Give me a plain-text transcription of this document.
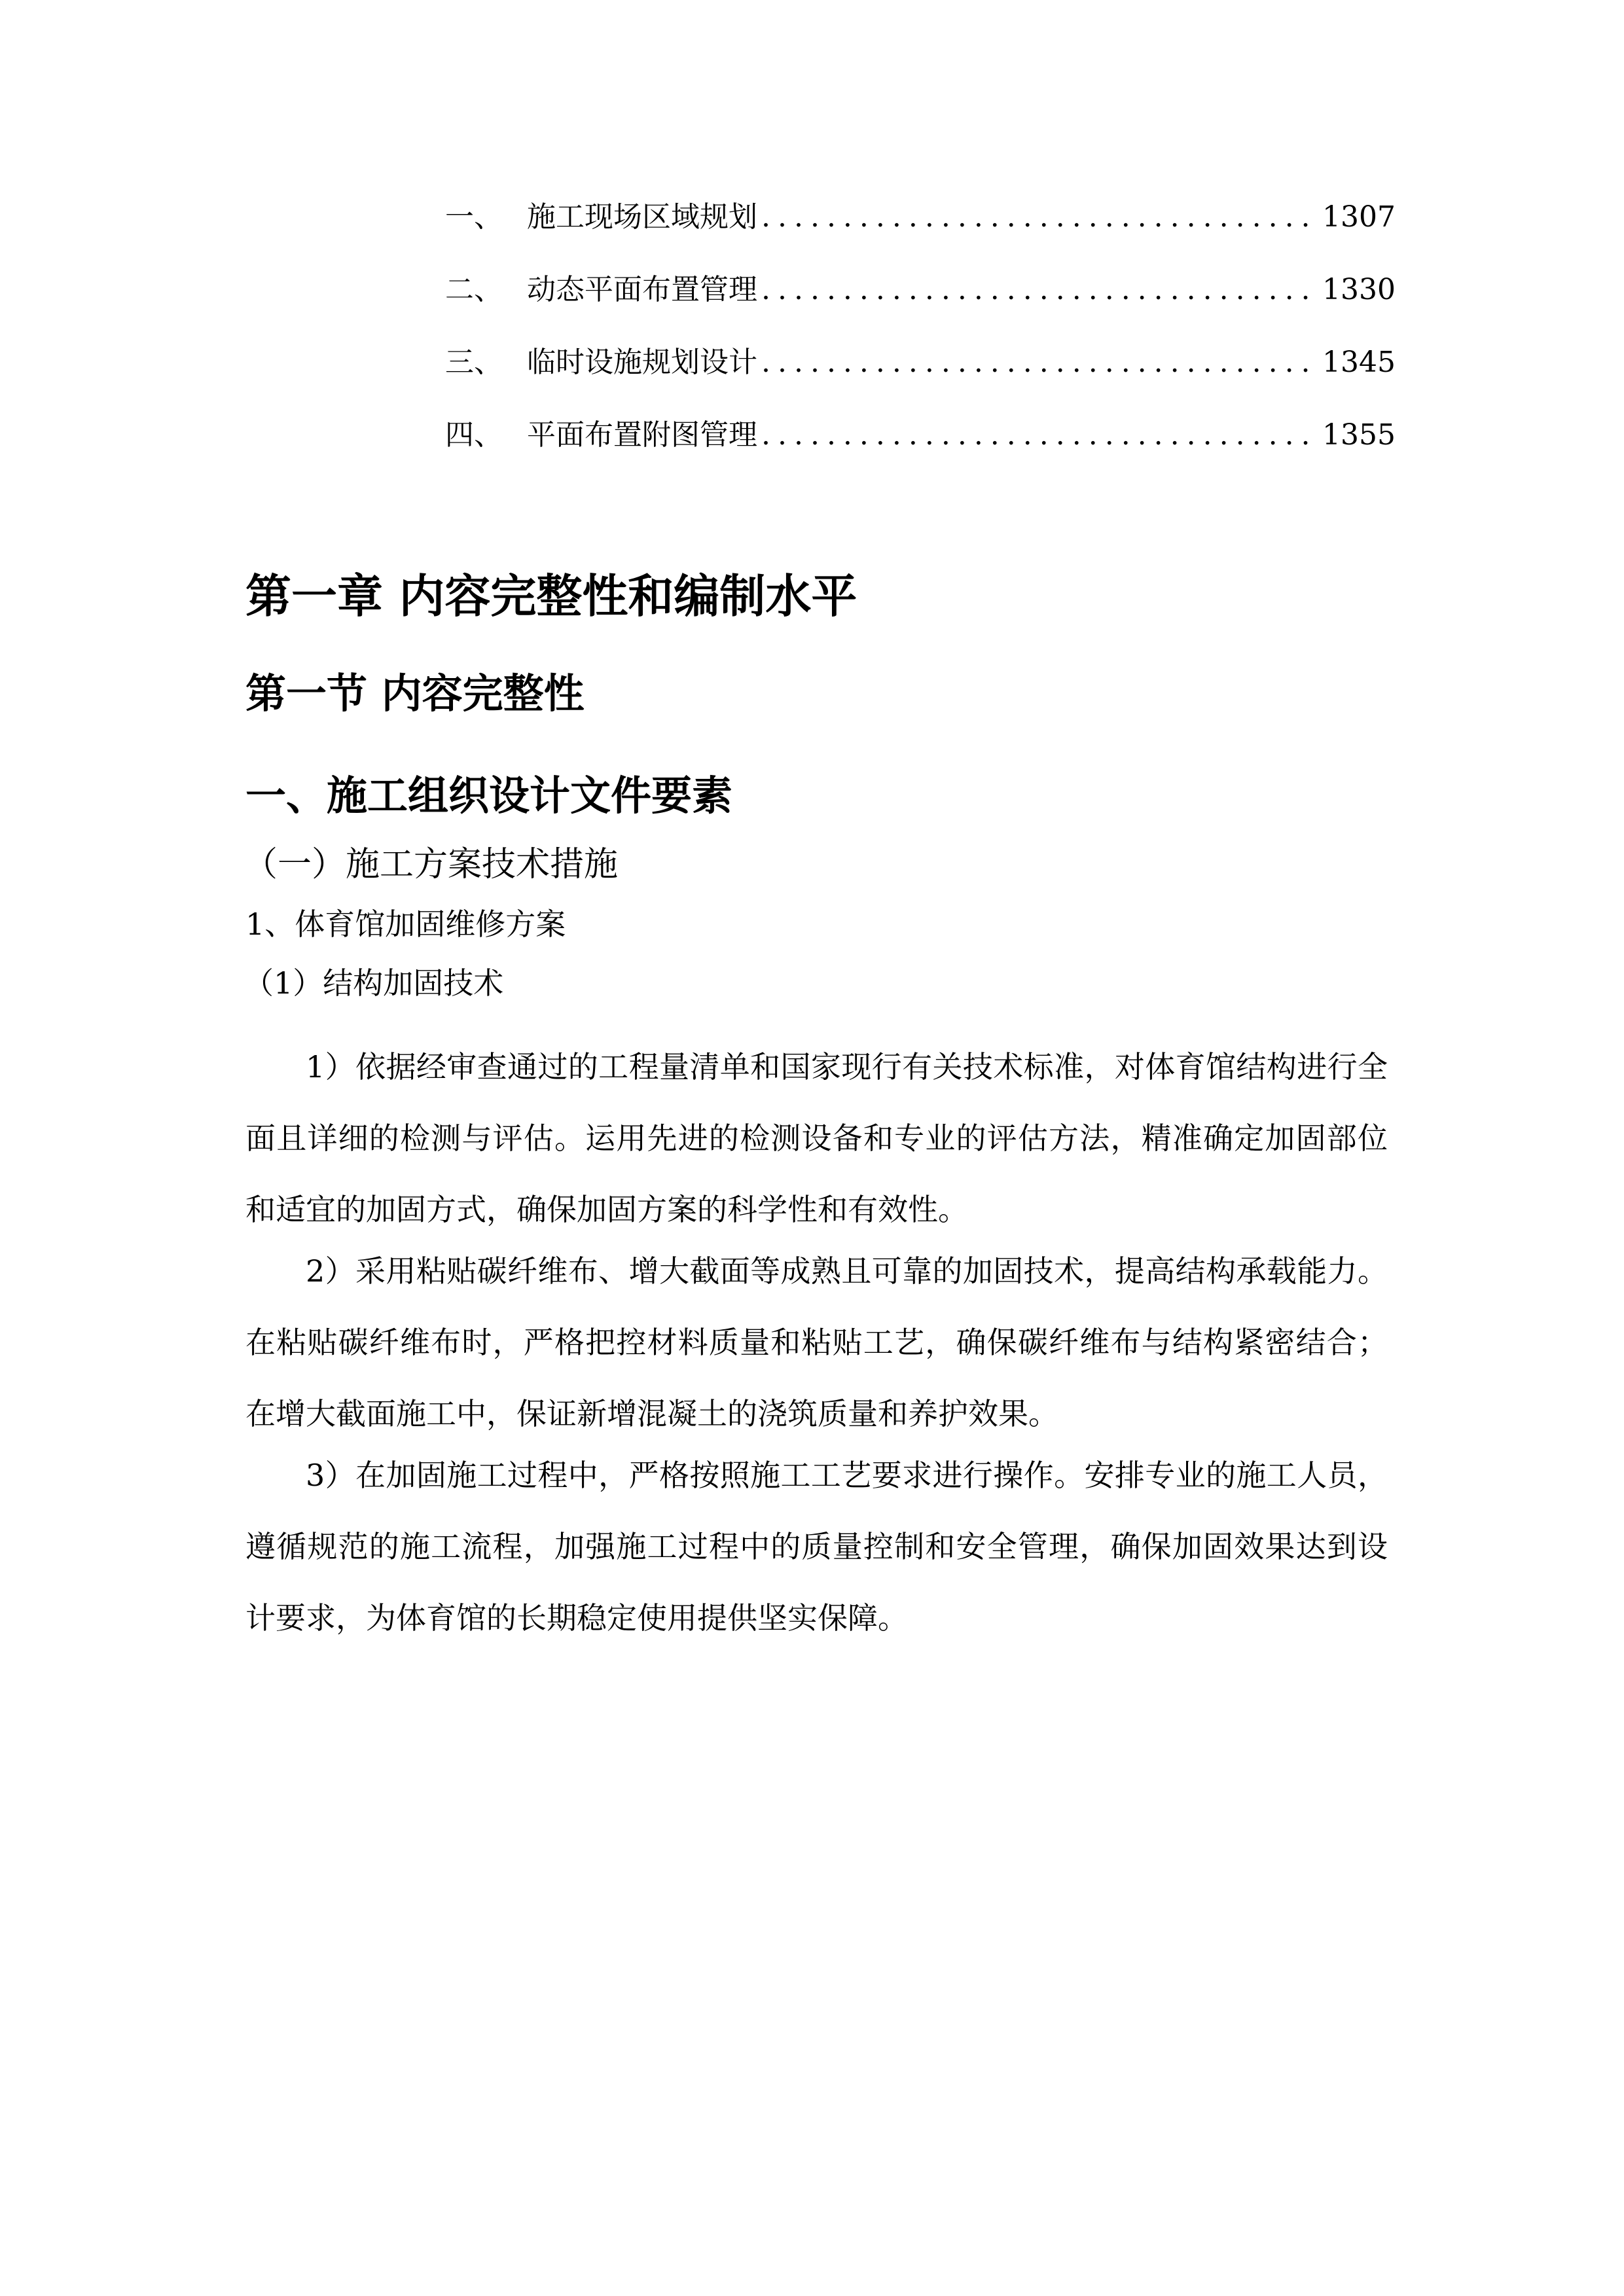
一、 施工现场区域规划 .....	1307
二、 动态平面布置管理 .....	1330
三、 临时设施规划设计 .....	1345
四、 平面布置附图管理 .....	1355
第一章 内容完整性和编制水平
第一节 内容完整性
一、施工组织设计文件要素
（一）施工方案技术措施
1、体育馆加固维修方案
（1）结构加固技术

1）依据经审查通过的工程量清单和国家现行有关技术标准，对体育馆结构进行全面且详细的检测与评估。运用先进的检测设备和专业的评估方法，精准确定加固部位和适宜的加固方式，确保加固方案的科学性和有效性。

2）采用粘贴碳纤维布、增大截面等成熟且可靠的加固技术，提高结构承载能力。在粘贴碳纤维布时，严格把控材料质量和粘贴工艺，确保碳纤维布与结构紧密结合；在增大截面施工中，保证新增混凝土的浇筑质量和养护效果。

3）在加固施工过程中，严格按照施工工艺要求进行操作。安排专业的施工人员，遵循规范的施工流程，加强施工过程中的质量控制和安全管理，确保加固效果达到设计要求，为体育馆的长期稳定使用提供坚实保障。
